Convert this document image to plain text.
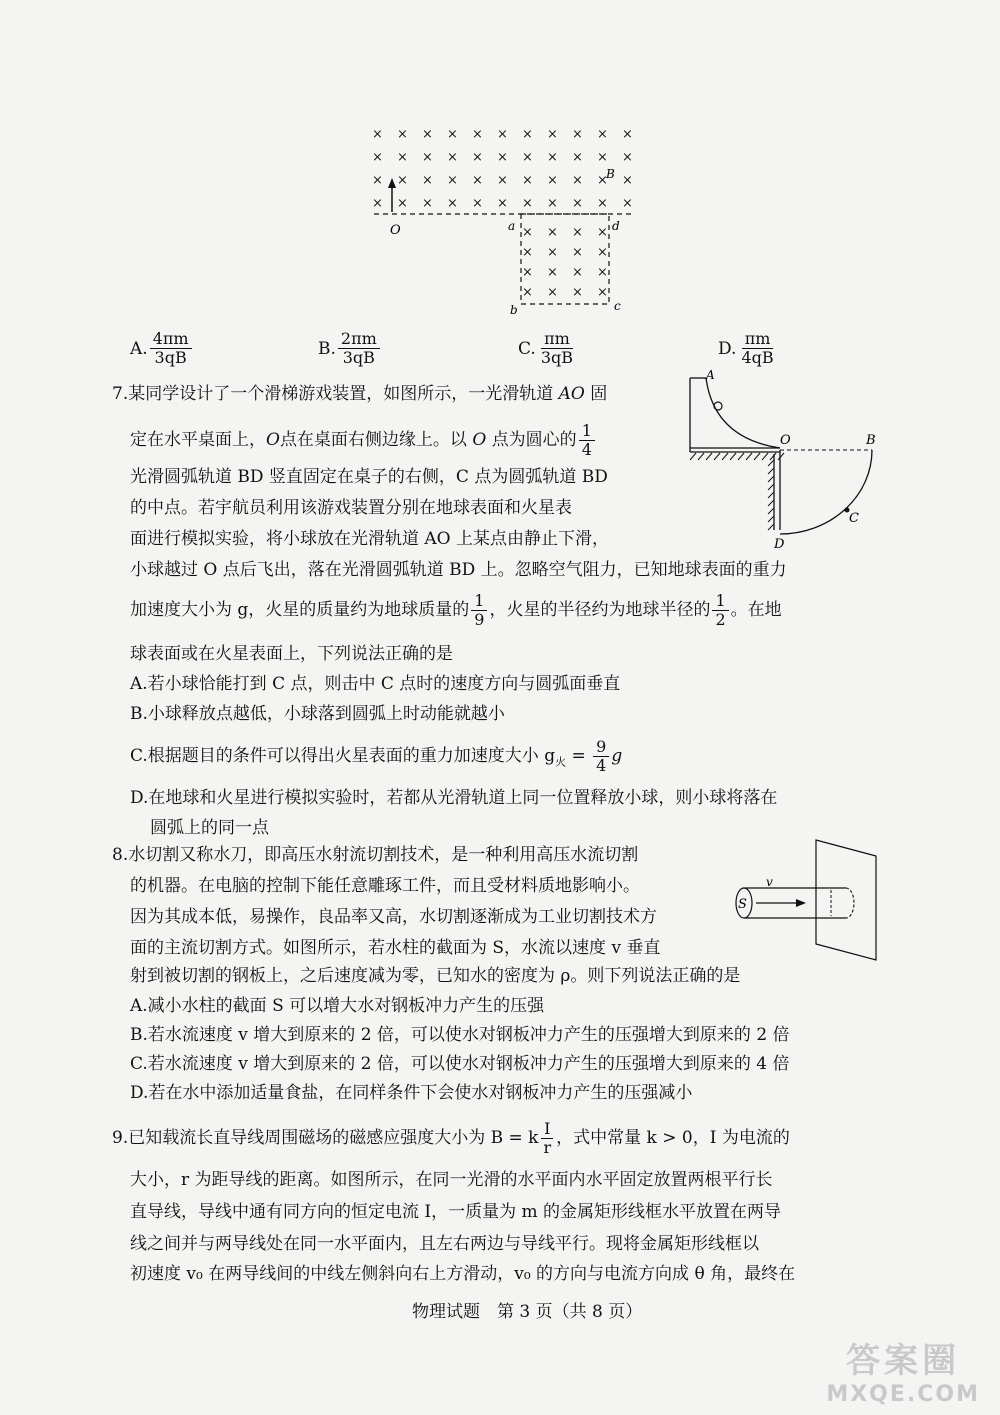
× × × × × × × × × × ×
× × × × × × × × × × ×
× × × × × × × × × × ×
× × × × × × × × × × ×
× × × ×
× × × ×
× × × ×
× × × ×
O	a	d
b	c
B
A. $\frac{4\pi m}{3qB}$	B. $\frac{2\pi m}{3qB}$	C. $\frac{\pi m}{3qB}$	D. $\frac{\pi m}{4qB}$
7.某同学设计了一个滑梯游戏装置，如图所示，一光滑轨道 AO 固
定在水平桌面上，O点在桌面右侧边缘上。以 O 点为圆心的 $\frac{1}{4}$
光滑圆弧轨道 BD 竖直固定在桌子的右侧，C 点为圆弧轨道 BD
的中点。若宇航员利用该游戏装置分别在地球表面和火星表
面进行模拟实验，将小球放在光滑轨道 AO 上某点由静止下滑，
小球越过 O 点后飞出，落在光滑圆弧轨道 BD 上。忽略空气阻力，已知地球表面的重力
加速度大小为 g，火星的质量约为地球质量的 $\frac{1}{9}$ ，火星的半径约为地球半径的 $\frac{1}{2}$ 。在地
球表面或在火星表面上，下列说法正确的是
A.若小球恰能打到 C 点，则击中 C 点时的速度方向与圆弧面垂直
B.小球释放点越低，小球落到圆弧上时动能就越小
C.根据题目的条件可以得出火星表面的重力加速度大小 $g_火 = \frac{9}{4}$ g
D.在地球和火星进行模拟实验时，若都从光滑轨道上同一位置释放小球，则小球将落在
圆弧上的同一点
A
O	B
C
D
8.水切割又称水刀，即高压水射流切割技术，是一种利用高压水流切割
的机器。在电脑的控制下能任意雕琢工件，而且受材料质地影响小。
因为其成本低，易操作，良品率又高，水切割逐渐成为工业切割技术方
面的主流切割方式。如图所示，若水柱的截面为 S，水流以速度 v 垂直
射到被切割的钢板上，之后速度减为零，已知水的密度为 ρ。则下列说法正确的是
A.减小水柱的截面 S 可以增大水对钢板冲力产生的压强
B.若水流速度 v 增大到原来的 2 倍，可以使水对钢板冲力产生的压强增大到原来的 2 倍
C.若水流速度 v 增大到原来的 2 倍，可以使水对钢板冲力产生的压强增大到原来的 4 倍
D.若在水中添加适量食盐，在同样条件下会使水对钢板冲力产生的压强减小
S
v
9.已知载流长直导线周围磁场的磁感应强度大小为 B = k $\frac{I}{r}$ ，式中常量 k > 0，I 为电流的
大小，r 为距导线的距离。如图所示，在同一光滑的水平面内水平固定放置两根平行长
直导线，导线中通有同方向的恒定电流 I，一质量为 m 的金属矩形线框水平放置在两导
线之间并与两导线处在同一水平面内，且左右两边与导线平行。现将金属矩形线框以
初速度 v₀ 在两导线间的中线左侧斜向右上方滑动，v₀ 的方向与电流方向成 θ 角，最终在
物理试题　第 3 页（共 8 页）
答案圈
MXQE.COM
